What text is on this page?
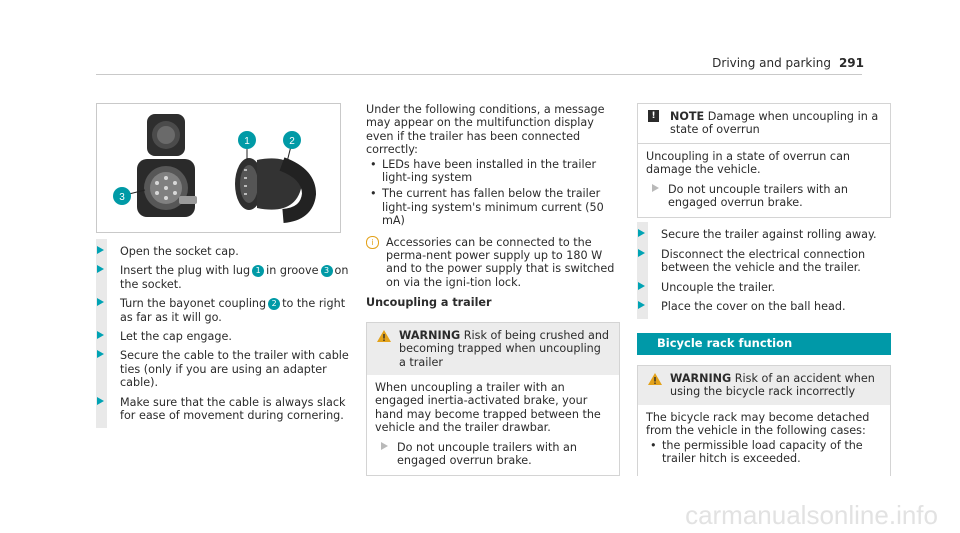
Driving and parking 291
1	2
3
Open the socket cap.
Insert the plug with lug 1 in groove 3 on the socket.
Turn the bayonet coupling 2 to the right as far as it will go.
Let the cap engage.
Secure the cable to the trailer with cable ties (only if you are using an adapter cable).
Make sure that the cable is always slack for ease of movement during cornering.
Under the following conditions, a message may appear on the multifunction display even if the trailer has been connected correctly:
• LEDs have been installed in the trailer light-ing system
• The current has fallen below the trailer light-ing system's minimum current (50 mA)
i	Accessories can be connected to the perma-nent power supply up to 180 W and to the power supply that is switched on via the igni-tion lock.
Uncoupling a trailer
WARNING Risk of being crushed and becoming trapped when uncoupling a trailer
When uncoupling a trailer with an engaged inertia-activated brake, your hand may become trapped between the vehicle and the trailer drawbar.
Do not uncouple trailers with an engaged overrun brake.
!	NOTE Damage when uncoupling in a state of overrun
Uncoupling in a state of overrun can damage the vehicle.
Do not uncouple trailers with an engaged overrun brake.
Secure the trailer against rolling away.
Disconnect the electrical connection between the vehicle and the trailer.
Uncouple the trailer.
Place the cover on the ball head.
Bicycle rack function
WARNING Risk of an accident when using the bicycle rack incorrectly
The bicycle rack may become detached from the vehicle in the following cases:
• the permissible load capacity of the trailer hitch is exceeded.
carmanualsonline.info
